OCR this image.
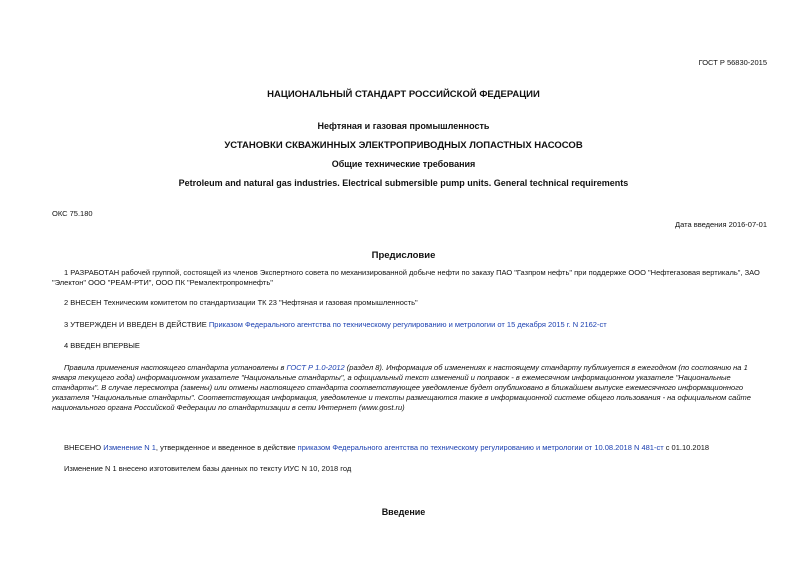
ГОСТ Р 56830-2015
НАЦИОНАЛЬНЫЙ СТАНДАРТ РОССИЙСКОЙ ФЕДЕРАЦИИ
Нефтяная и газовая промышленность
УСТАНОВКИ СКВАЖИННЫХ ЭЛЕКТРОПРИВОДНЫХ ЛОПАСТНЫХ НАСОСОВ
Общие технические требования
Petroleum and natural gas industries. Electrical submersible pump units. General technical requirements
ОКС 75.180
Дата введения 2016-07-01
Предисловие
1 РАЗРАБОТАН рабочей группой, состоящей из членов Экспертного совета по механизированной добыче нефти по заказу ПАО "Газпром нефть" при поддержке ООО "Нефтегазовая вертикаль", ЗАО "Электон" ООО "РЕАМ-РТИ", ООО ПК "Ремэлектропромнефть"
2 ВНЕСЕН Техническим комитетом по стандартизации ТК 23 "Нефтяная и газовая промышленность"
3 УТВЕРЖДЕН И ВВЕДЕН В ДЕЙСТВИЕ Приказом Федерального агентства по техническому регулированию и метрологии от 15 декабря 2015 г. N 2162-ст
4 ВВЕДЕН ВПЕРВЫЕ
Правила применения настоящего стандарта установлены в ГОСТ Р 1.0-2012 (раздел 8). Информация об изменениях к настоящему стандарту публикуется в ежегодном (по состоянию на 1 января текущего года) информационном указателе "Национальные стандарты", а официальный текст изменений и поправок - в ежемесячном информационном указателе "Национальные стандарты". В случае пересмотра (замены) или отмены настоящего стандарта соответствующее уведомление будет опубликовано в ближайшем выпуске ежемесячного информационного указателя "Национальные стандарты". Соответствующая информация, уведомление и тексты размещаются также в информационной системе общего пользования - на официальном сайте национального органа Российской Федерации по стандартизации в сети Интернет (www.gost.ru)
ВНЕСЕНО Изменение N 1, утвержденное и введенное в действие приказом Федерального агентства по техническому регулированию и метрологии от 10.08.2018 N 481-ст с 01.10.2018
Изменение N 1 внесено изготовителем базы данных по тексту ИУС N 10, 2018 год
Введение
